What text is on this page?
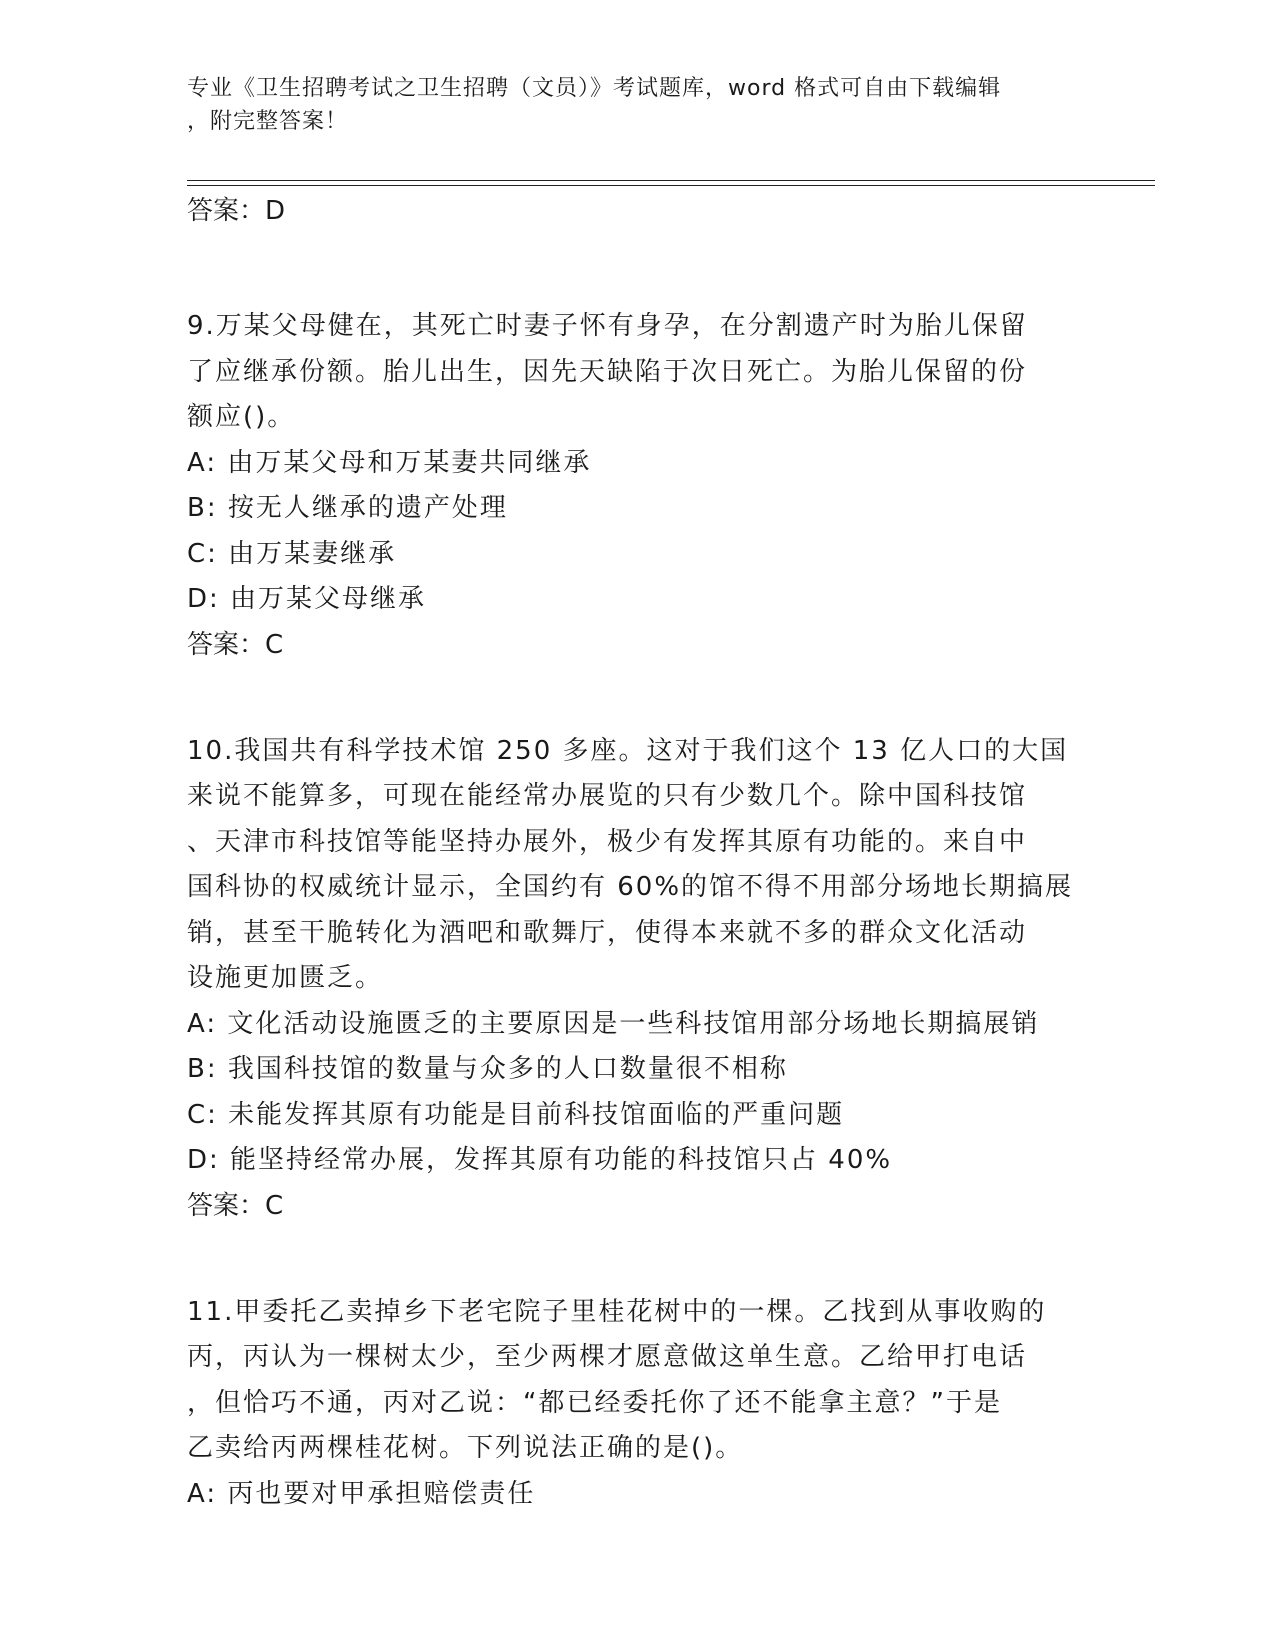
专业《卫生招聘考试之卫生招聘（文员）》考试题库，word 格式可自由下载编辑
，附完整答案！

答案：D

9.万某父母健在，其死亡时妻子怀有身孕，在分割遗产时为胎儿保留

了应继承份额。胎儿出生，因先天缺陷于次日死亡。为胎儿保留的份

额应()。

A: 由万某父母和万某妻共同继承

B: 按无人继承的遗产处理

C: 由万某妻继承

D: 由万某父母继承

答案：C

10.我国共有科学技术馆 250 多座。这对于我们这个 13 亿人口的大国

来说不能算多，可现在能经常办展览的只有少数几个。除中国科技馆

、天津市科技馆等能坚持办展外，极少有发挥其原有功能的。来自中

国科协的权威统计显示，全国约有 60%的馆不得不用部分场地长期搞展

销，甚至干脆转化为酒吧和歌舞厅，使得本来就不多的群众文化活动

设施更加匮乏。

A: 文化活动设施匮乏的主要原因是一些科技馆用部分场地长期搞展销

B: 我国科技馆的数量与众多的人口数量很不相称

C: 未能发挥其原有功能是目前科技馆面临的严重问题

D: 能坚持经常办展，发挥其原有功能的科技馆只占 40%

答案：C

11.甲委托乙卖掉乡下老宅院子里桂花树中的一棵。乙找到从事收购的

丙，丙认为一棵树太少，至少两棵才愿意做这单生意。乙给甲打电话

，但恰巧不通，丙对乙说：“都已经委托你了还不能拿主意？”于是

乙卖给丙两棵桂花树。下列说法正确的是()。

A: 丙也要对甲承担赔偿责任
